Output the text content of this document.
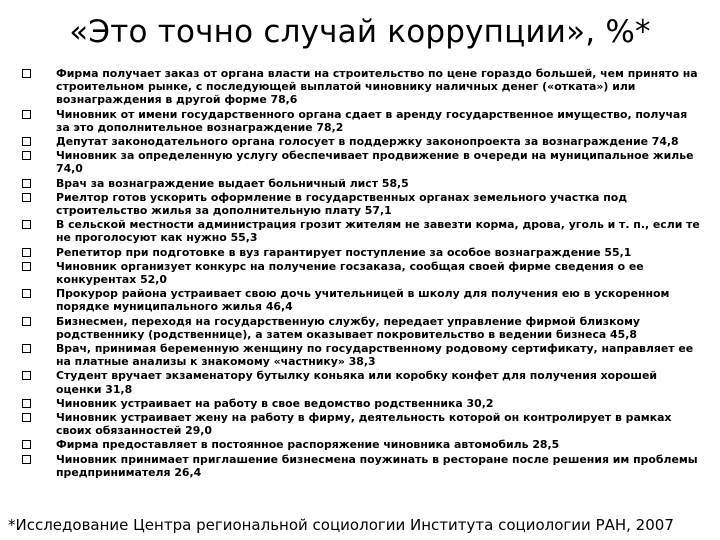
«Это точно случай коррупции», %*
Фирма получает заказ от органа власти на строительство по цене гораздо большей, чем принято на строительном рынке, с последующей выплатой чиновнику наличных денег («отката») или вознаграждения в другой форме 78,6
Чиновник от имени государственного органа сдает в аренду государственное имущество, получая за это дополнительное вознаграждение 78,2
Депутат законодательного органа голосует в поддержку законопроекта за вознаграждение 74,8
Чиновник за определенную услугу обеспечивает продвижение в очереди на муниципальное жилье 74,0
Врач за вознаграждение выдает больничный лист 58,5
Риелтор готов ускорить оформление в государственных органах земельного участка под строительство жилья за дополнительную плату 57,1
В сельской местности администрация грозит жителям не завезти корма, дрова, уголь и т. п., если те не проголосуют как нужно 55,3
Репетитор при подготовке в вуз гарантирует поступление за особое вознаграждение 55,1
Чиновник организует конкурс на получение госзаказа, сообщая своей фирме сведения о ее конкурентах 52,0
Прокурор района устраивает свою дочь учительницей в школу для получения ею в ускоренном порядке муниципального жилья 46,4
Бизнесмен, переходя на государственную службу, передает управление фирмой близкому родственнику (родственнице), а затем оказывает покровительство в ведении бизнеса 45,8
Врач, принимая беременную женщину по государственному родовому сертификату, направляет ее на платные анализы к знакомому «частнику» 38,3
Студент вручает экзаменатору бутылку коньяка или коробку конфет для получения хорошей оценки 31,8
Чиновник устраивает на работу в свое ведомство родственника 30,2
Чиновник устраивает жену на работу в фирму, деятельность которой он контролирует в рамках своих обязанностей 29,0
Фирма предоставляет в постоянное распоряжение чиновника автомобиль 28,5
Чиновник принимает приглашение бизнесмена поужинать в ресторане после решения им проблемы предпринимателя 26,4
*Исследование Центра региональной социологии Института социологии РАН, 2007
